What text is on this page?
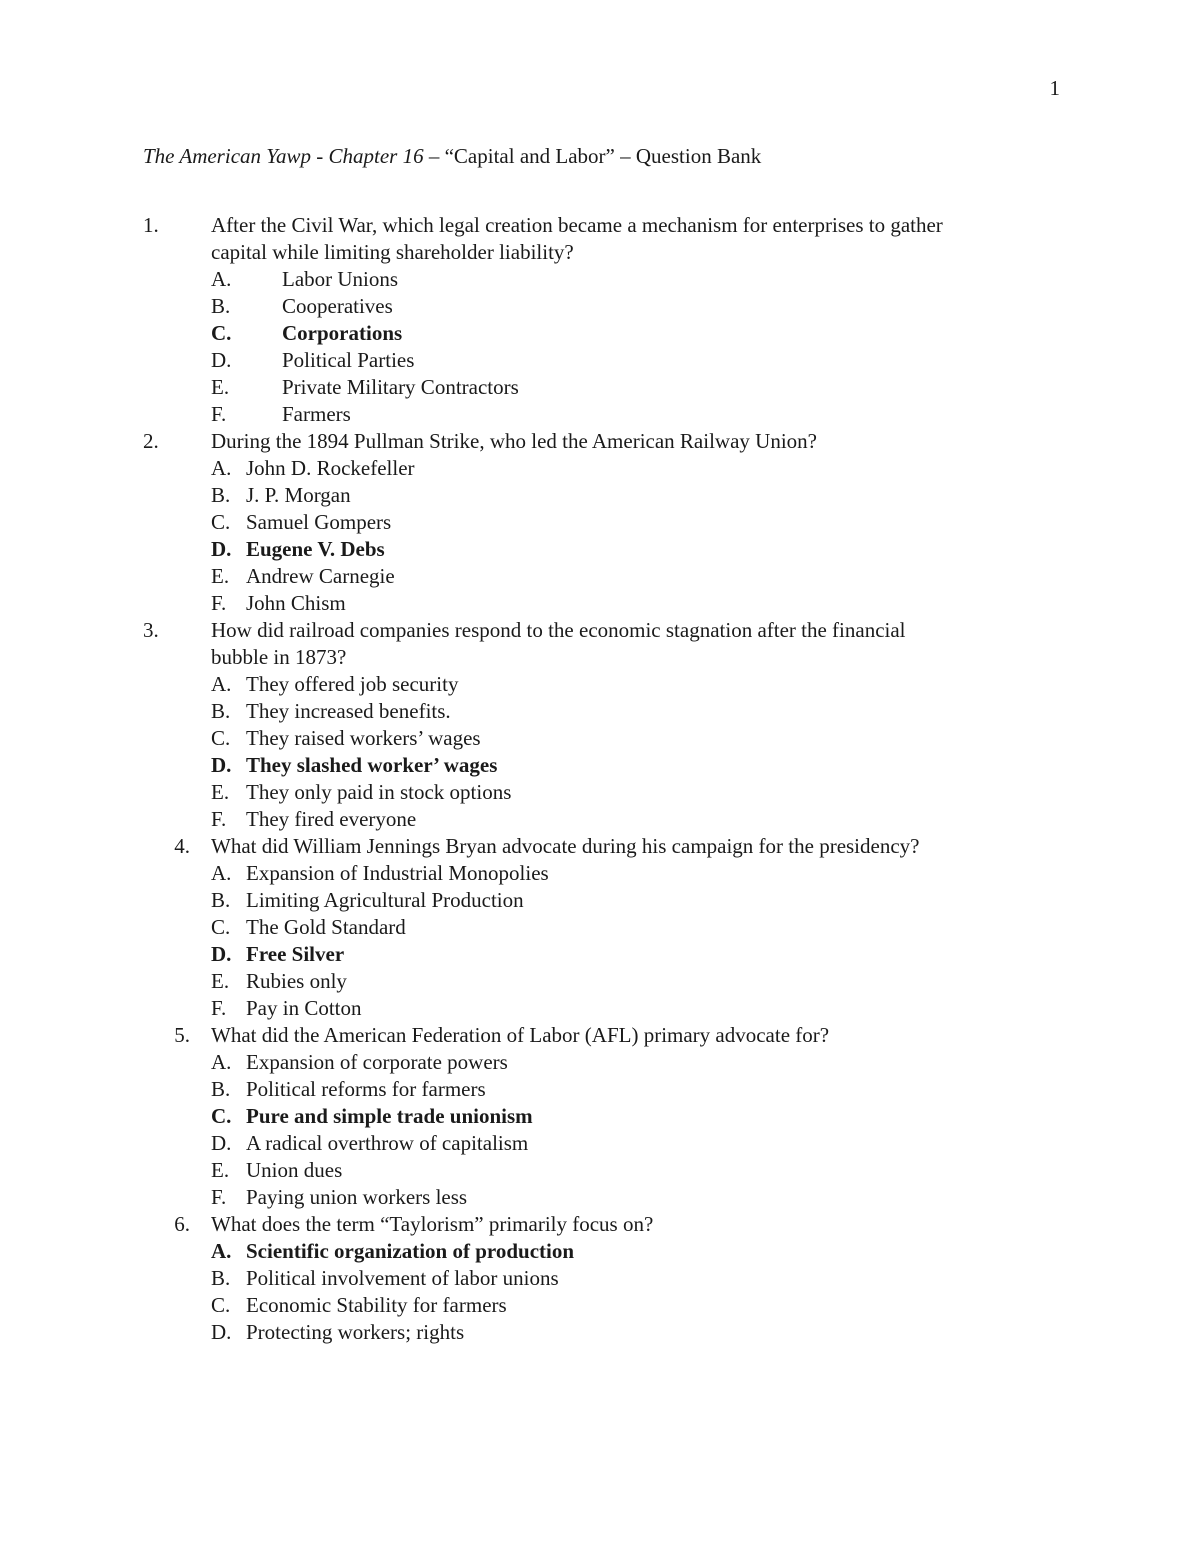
1
The American Yawp - Chapter 16 – “Capital and Labor” – Question Bank
1.	After the Civil War, which legal creation became a mechanism for enterprises to gather
capital while limiting shareholder liability?
A. Labor Unions
B. Cooperatives
C. Corporations
D. Political Parties
E.	Private Military Contractors
F.	Farmers
2.	During the 1894 Pullman Strike, who led the American Railway Union?
A. John D. Rockefeller
B. J. P. Morgan
C. Samuel Gompers
D. Eugene V. Debs
E. Andrew Carnegie
F. John Chism
3.	How did railroad companies respond to the economic stagnation after the financial
bubble in 1873?
A. They offered job security
B. They increased benefits.
C. They raised workers’ wages
D. They slashed worker’ wages
E. They only paid in stock options
F. They fired everyone
4. What did William Jennings Bryan advocate during his campaign for the presidency?
A. Expansion of Industrial Monopolies
B. Limiting Agricultural Production
C. The Gold Standard
D. Free Silver
E. Rubies only
F. Pay in Cotton
5. What did the American Federation of Labor (AFL) primary advocate for?
A. Expansion of corporate powers
B. Political reforms for farmers
C. Pure and simple trade unionism
D. A radical overthrow of capitalism
E. Union dues
F. Paying union workers less
6. What does the term “Taylorism” primarily focus on?
A. Scientific organization of production
B. Political involvement of labor unions
C. Economic Stability for farmers
D. Protecting workers; rights
